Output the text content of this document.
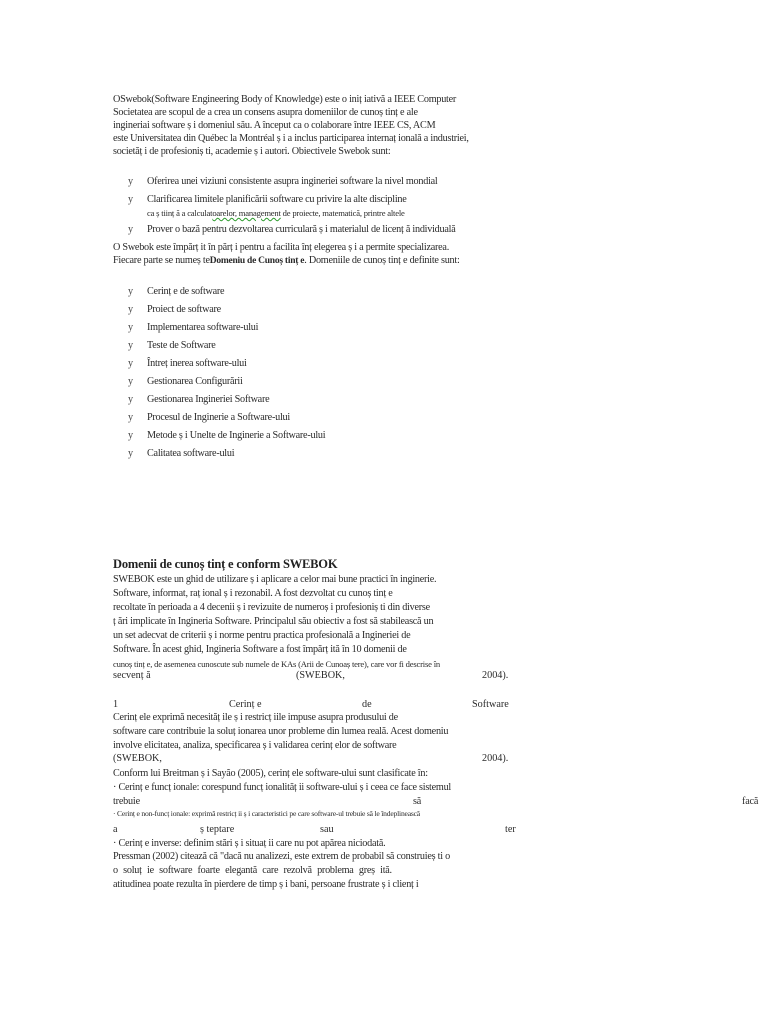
OSwebok(Software Engineering Body of Knowledge) este o iniț iativă a IEEE Computer
Societatea are scopul de a crea un consens asupra domeniilor de cunoș tinț e ale
ingineriai software ș i domeniul său. A început ca o colaborare între IEEE CS, ACM
este Universitatea din Québec la Montréal ș i a inclus participarea internaț ională a industriei,
societăț i de profesioniș ti, academie ș i autori. Obiectivele Swebok sunt:
y	Oferirea unei viziuni consistente asupra ingineriei software la nivel mondial
y	Clarificarea limitele planificării software cu privire la alte discipline
ca ș tiinț ă a calculatoarelor, management de proiecte, matematică, printre altele
y	Prover o bază pentru dezvoltarea curriculară ș i materialul de licenț ă individuală
O Swebok este împărț it în părț i pentru a facilita înț elegerea ș i a permite specializarea.
Fiecare parte se numeș teDomeniu de Cunoș tinț e. Domeniile de cunoș tinț e definite sunt:
y	Cerinț e de software
y	Proiect de software
y	Implementarea software-ului
y	Teste de Software
y	Întreț inerea software-ului
y	Gestionarea Configurării
y	Gestionarea Ingineriei Software
y	Procesul de Inginerie a Software-ului
y	Metode ș i Unelte de Inginerie a Software-ului
y	Calitatea software-ului
Domenii de cunoș tinț e conform SWEBOK
SWEBOK este un ghid de utilizare ș i aplicare a celor mai bune practici în inginerie.
Software, informat, raț ional ș i rezonabil. A fost dezvoltat cu cunoș tinț e
recoltate în perioada a 4 decenii ș i revizuite de numeroș i profesioniș ti din diverse
ț ări implicate în Ingineria Software. Principalul său obiectiv a fost să stabilească un
un set adecvat de criterii ș i norme pentru practica profesională a Ingineriei de
Software. În acest ghid, Ingineria Software a fost împărț ită în 10 domenii de
cunoș tinț e, de asemenea cunoscute sub numele de KAs (Arii de Cunoaș tere), care vor fi descrise în
secvenț ă	(SWEBOK,	2004).
1	Cerinț e	de	Software
Cerinț ele exprimă necesităț ile ș i restricț iile impuse asupra produsului de
software care contribuie la soluț ionarea unor probleme din lumea reală. Acest domeniu
involve elicitatea, analiza, specificarea ș i validarea cerinț elor de software
(SWEBOK,	2004).
Conform lui Breitman ș i Sayão (2005), cerinț ele software-ului sunt clasificate în:
· Cerinț e funcț ionale: corespund funcț ionalităț ii software-ului ș i ceea ce face sistemul
trebuie	să	facă
· Cerinț e non-funcț ionale: exprimă restricț ii ș i caracteristici pe care software-ul trebuie să le îndeplinească
a	ș teptare	sau	ter
· Cerinț e inverse: definim stări ș i situaț ii care nu pot apărea niciodată.
Pressman (2002) citează că "dacă nu analizezi, este extrem de probabil să construieș ti o
o soluț ie software foarte elegantă care rezolvă problema greș ită.
atitudinea poate rezulta în pierdere de timp ș i bani, persoane frustrate ș i clienț i
